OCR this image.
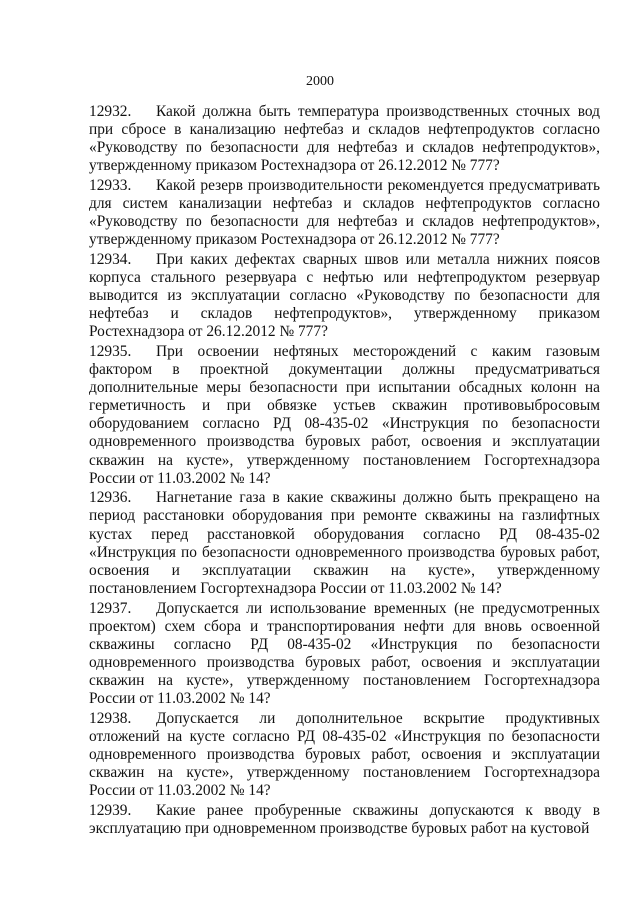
2000

12932. Какой должна быть температура производственных сточных вод при сбросе в канализацию нефтебаз и складов нефтепродуктов согласно «Руководству по безопасности для нефтебаз и складов нефтепродуктов», утвержденному приказом Ростехнадзора от 26.12.2012 № 777?

12933. Какой резерв производительности рекомендуется предусматривать для систем канализации нефтебаз и складов нефтепродуктов согласно «Руководству по безопасности для нефтебаз и складов нефтепродуктов», утвержденному приказом Ростехнадзора от 26.12.2012 № 777?

12934. При каких дефектах сварных швов или металла нижних поясов корпуса стального резервуара с нефтью или нефтепродуктом резервуар выводится из эксплуатации согласно «Руководству по безопасности для нефтебаз и складов нефтепродуктов», утвержденному приказом Ростехнадзора от 26.12.2012 № 777?

12935. При освоении нефтяных месторождений с каким газовым фактором в проектной документации должны предусматриваться дополнительные меры безопасности при испытании обсадных колонн на герметичность и при обвязке устьев скважин противовыбросовым оборудованием согласно РД 08-435-02 «Инструкция по безопасности одновременного производства буровых работ, освоения и эксплуатации скважин на кусте», утвержденному постановлением Госгортехнадзора России от 11.03.2002 № 14?

12936. Нагнетание газа в какие скважины должно быть прекращено на период расстановки оборудования при ремонте скважины на газлифтных кустах перед расстановкой оборудования согласно РД 08-435-02 «Инструкция по безопасности одновременного производства буровых работ, освоения и эксплуатации скважин на кусте», утвержденному постановлением Госгортехнадзора России от 11.03.2002 № 14?

12937. Допускается ли использование временных (не предусмотренных проектом) схем сбора и транспортирования нефти для вновь освоенной скважины согласно РД 08-435-02 «Инструкция по безопасности одновременного производства буровых работ, освоения и эксплуатации скважин на кусте», утвержденному постановлением Госгортехнадзора России от 11.03.2002 № 14?

12938. Допускается ли дополнительное вскрытие продуктивных отложений на кусте согласно РД 08-435-02 «Инструкция по безопасности одновременного производства буровых работ, освоения и эксплуатации скважин на кусте», утвержденному постановлением Госгортехнадзора России от 11.03.2002 № 14?

12939. Какие ранее пробуренные скважины допускаются к вводу в эксплуатацию при одновременном производстве буровых работ на кустовой
